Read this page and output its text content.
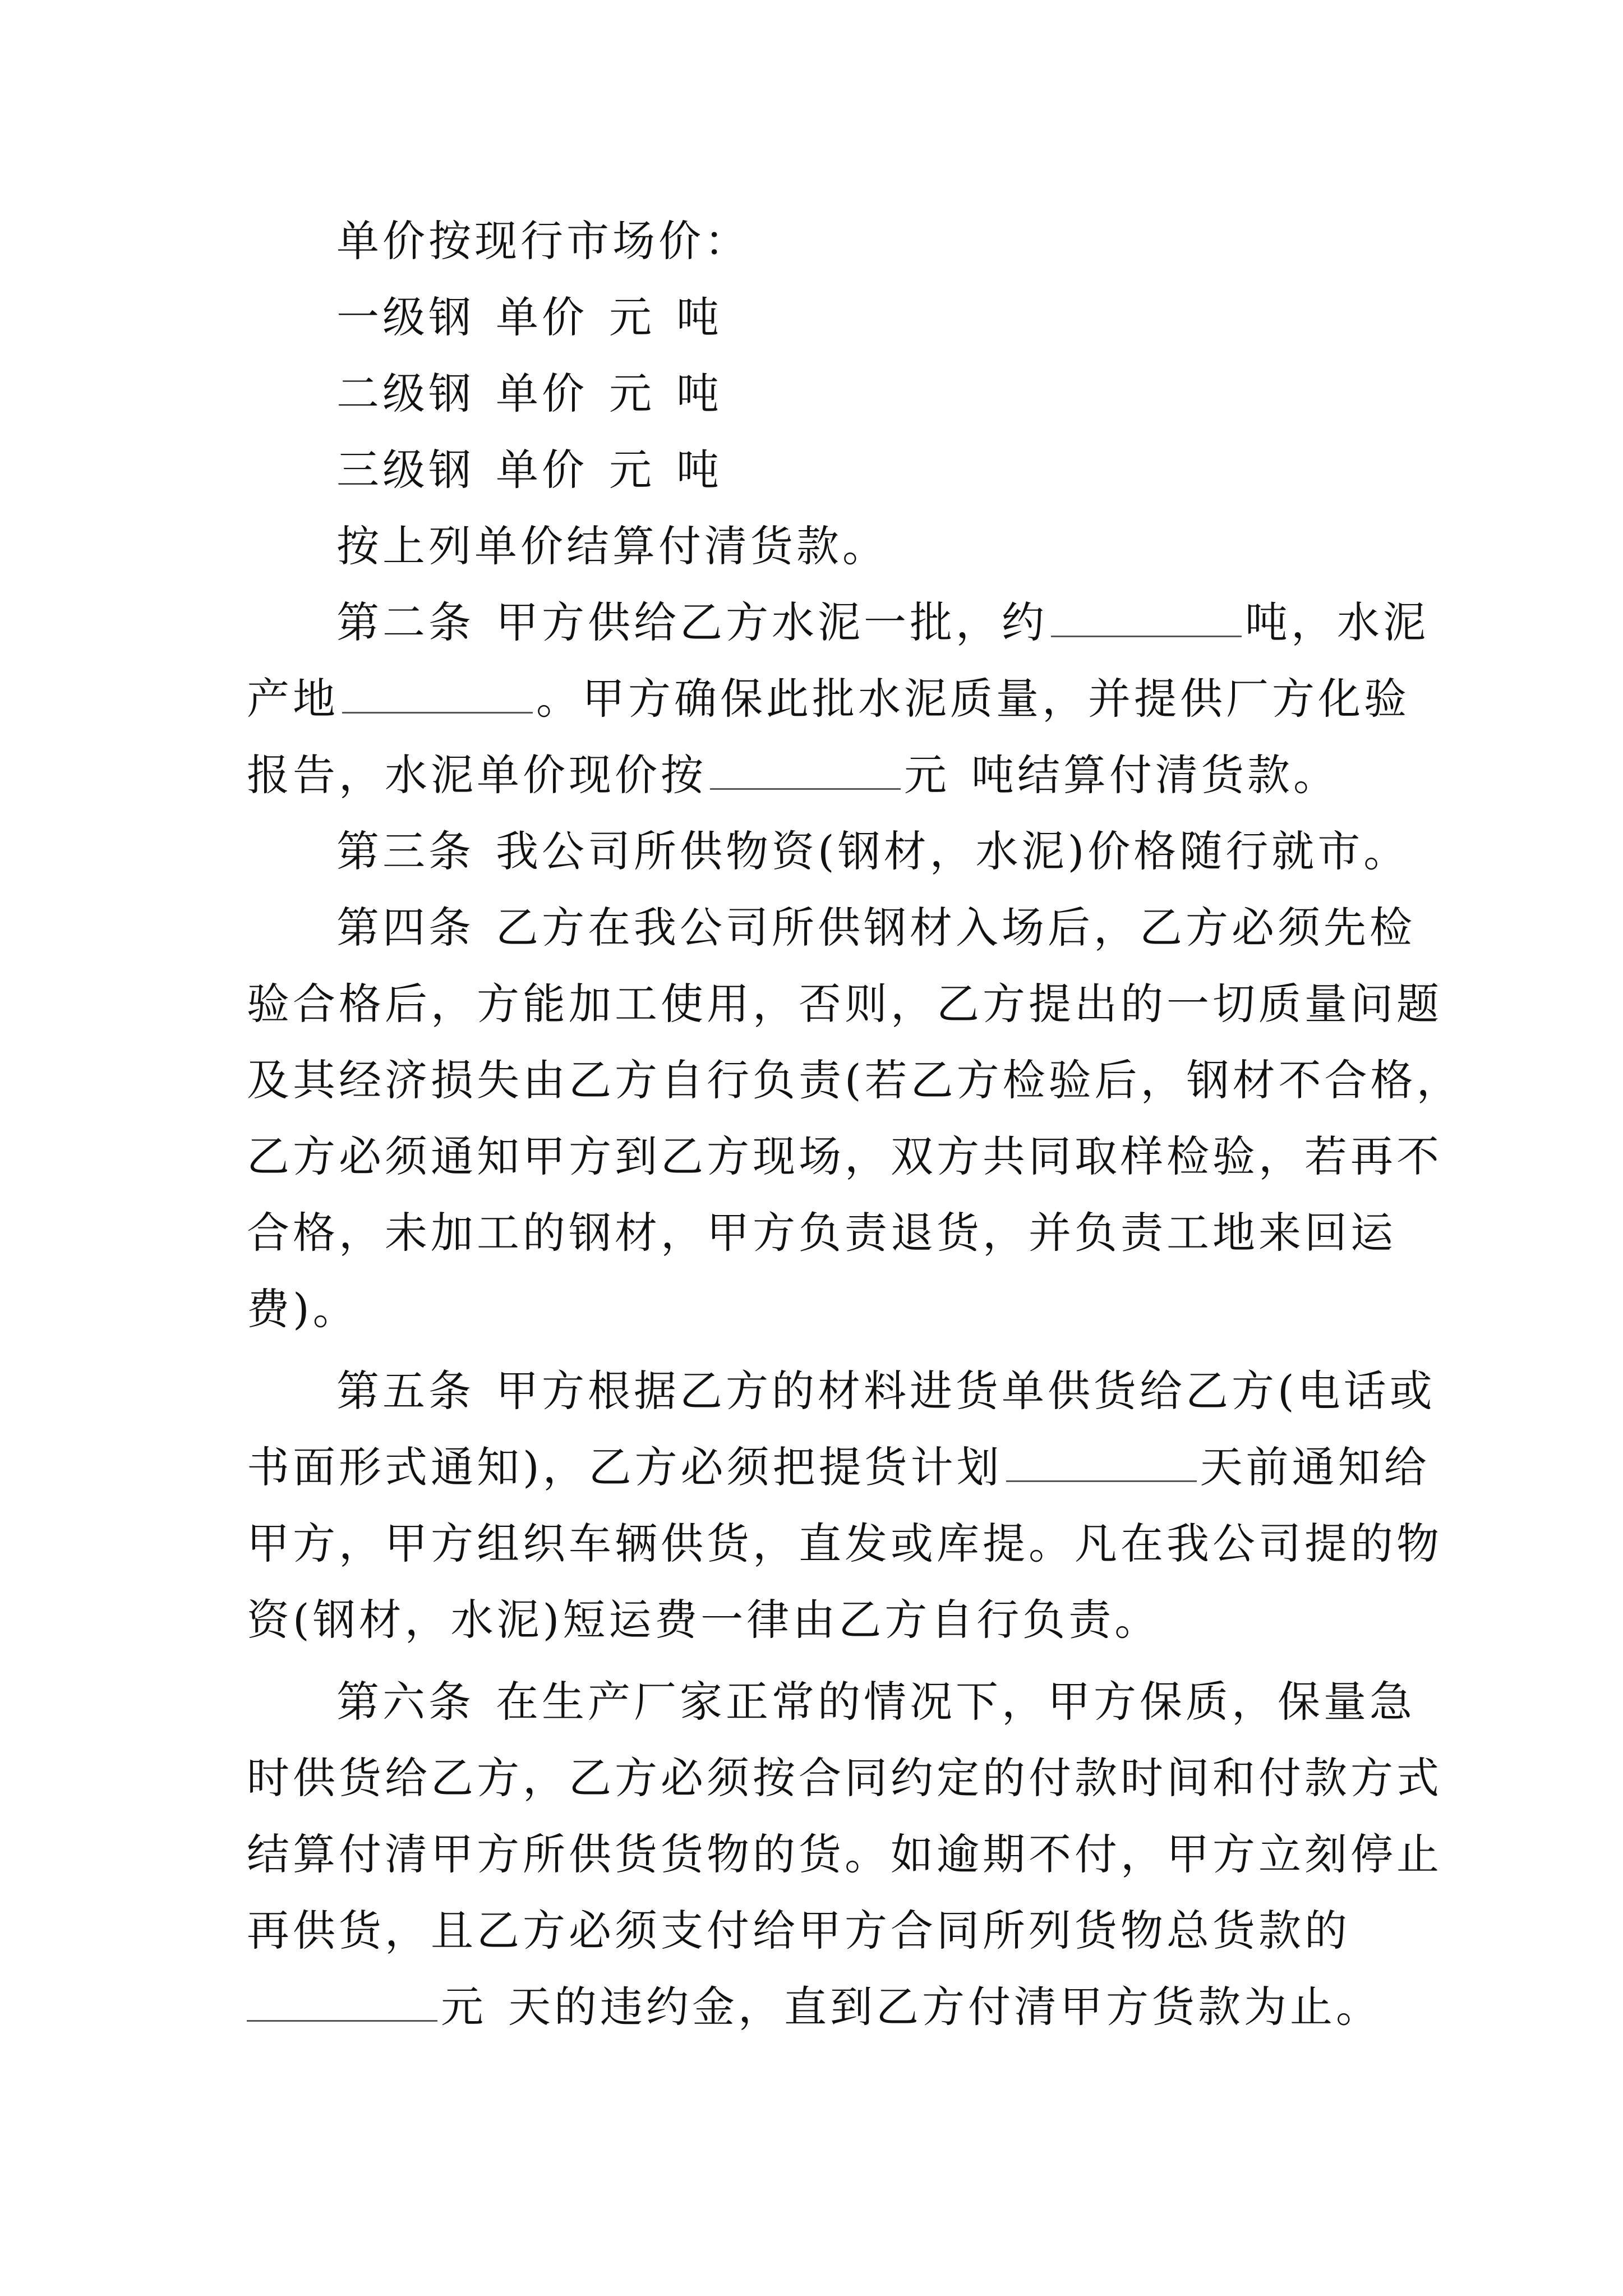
单价按现行市场价：
一级钢 单价 元 吨
二级钢 单价 元 吨
三级钢 单价 元 吨
按上列单价结算付清货款。
第二条 甲方供给乙方水泥一批，约	吨，水泥
产地	。甲方确保此批水泥质量，并提供厂方化验
报告，水泥单价现价按	元 吨结算付清货款。
第三条 我公司所供物资(钢材，水泥)价格随行就市。
第四条 乙方在我公司所供钢材入场后，乙方必须先检
验合格后，方能加工使用，否则，乙方提出的一切质量问题
及其经济损失由乙方自行负责(若乙方检验后，钢材不合格，
乙方必须通知甲方到乙方现场，双方共同取样检验，若再不
合格，未加工的钢材，甲方负责退货，并负责工地来回运
费)。
第五条 甲方根据乙方的材料进货单供货给乙方(电话或
书面形式通知)，乙方必须把提货计划	天前通知给
甲方，甲方组织车辆供货，直发或库提。凡在我公司提的物
资(钢材，水泥)短运费一律由乙方自行负责。
第六条 在生产厂家正常的情况下，甲方保质，保量急
时供货给乙方，乙方必须按合同约定的付款时间和付款方式
结算付清甲方所供货货物的货。如逾期不付，甲方立刻停止
再供货，且乙方必须支付给甲方合同所列货物总货款的
元 天的违约金，直到乙方付清甲方货款为止。
